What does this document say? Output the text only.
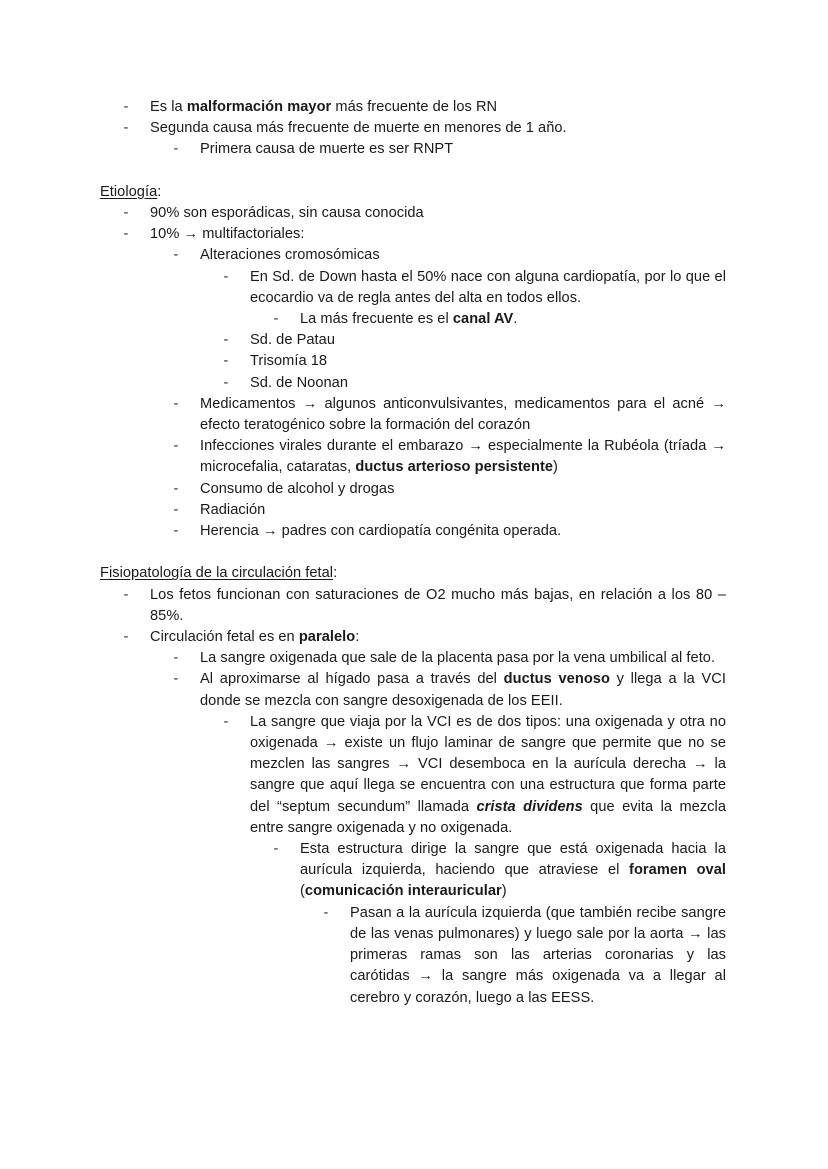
- Es la malformación mayor más frecuente de los RN
- Segunda causa más frecuente de muerte en menores de 1 año.
- Primera causa de muerte es ser RNPT
Etiología:
- 90% son esporádicas, sin causa conocida
- 10% → multifactoriales:
- Alteraciones cromosómicas
- En Sd. de Down hasta el 50% nace con alguna cardiopatía, por lo que el ecocardio va de regla antes del alta en todos ellos.
- La más frecuente es el canal AV.
- Sd. de Patau
- Trisomía 18
- Sd. de Noonan
- Medicamentos → algunos anticonvulsivantes, medicamentos para el acné → efecto teratogénico sobre la formación del corazón
- Infecciones virales durante el embarazo → especialmente la Rubéola (tríada → microcefalia, cataratas, ductus arterioso persistente)
- Consumo de alcohol y drogas
- Radiación
- Herencia → padres con cardiopatía congénita operada.
Fisiopatología de la circulación fetal:
- Los fetos funcionan con saturaciones de O2 mucho más bajas, en relación a los 80 – 85%.
- Circulación fetal es en paralelo:
- La sangre oxigenada que sale de la placenta pasa por la vena umbilical al feto.
- Al aproximarse al hígado pasa a través del ductus venoso y llega a la VCI donde se mezcla con sangre desoxigenada de los EEII.
- La sangre que viaja por la VCI es de dos tipos: una oxigenada y otra no oxigenada → existe un flujo laminar de sangre que permite que no se mezclen las sangres → VCI desemboca en la aurícula derecha → la sangre que aquí llega se encuentra con una estructura que forma parte del “septum secundum” llamada crista dividens que evita la mezcla entre sangre oxigenada y no oxigenada.
- Esta estructura dirige la sangre que está oxigenada hacia la aurícula izquierda, haciendo que atraviese el foramen oval (comunicación interauricular)
- Pasan a la aurícula izquierda (que también recibe sangre de las venas pulmonares) y luego sale por la aorta → las primeras ramas son las arterias coronarias y las carótidas → la sangre más oxigenada va a llegar al cerebro y corazón, luego a las EESS.
